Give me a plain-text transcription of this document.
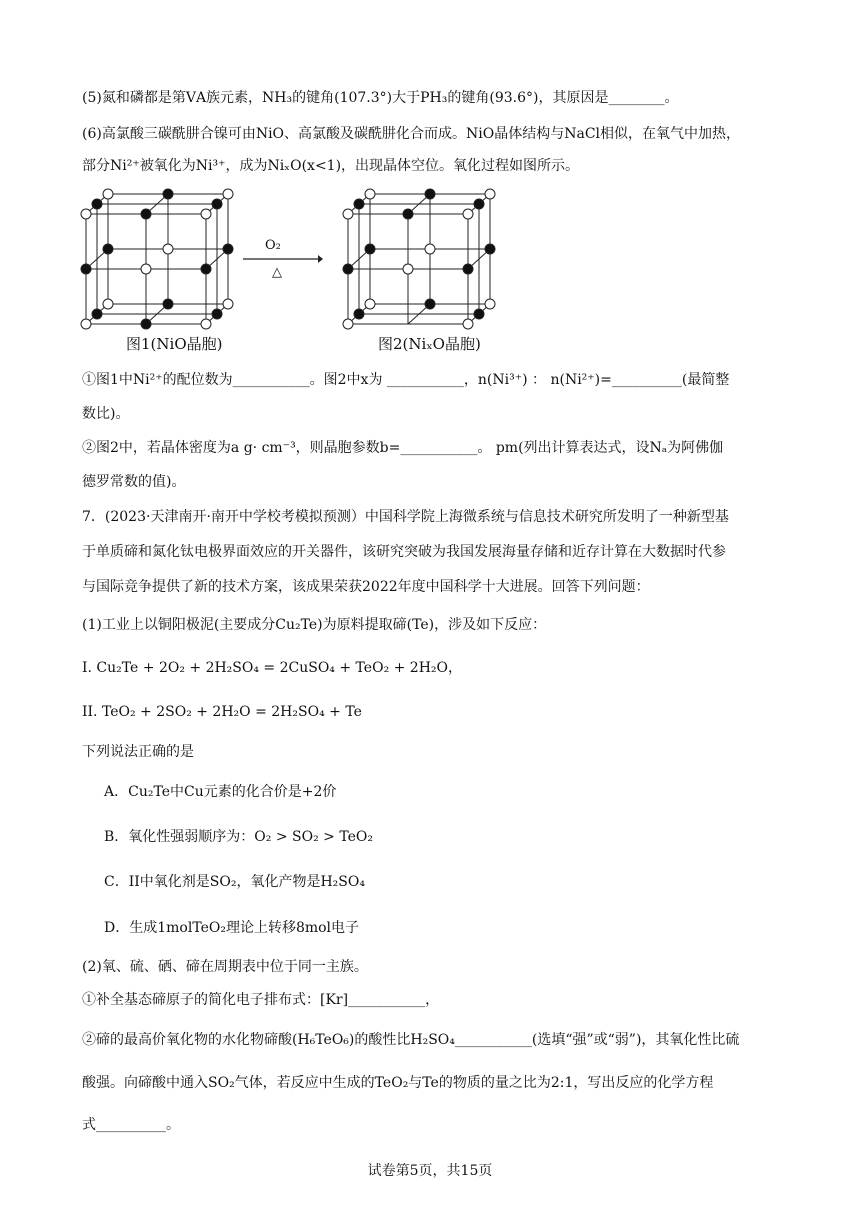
(5)氮和磷都是第ⅤA族元素，NH₃的键角(107.3°)大于PH₃的键角(93.6°)，其原因是________。
(6)高氯酸三碳酰肼合镍可由NiO、高氯酸及碳酰肼化合而成。NiO晶体结构与NaCl相似，在氧气中加热，
部分Ni²⁺被氧化为Ni³⁺，成为NiₓO(x<1)，出现晶体空位。氧化过程如图所示。
O₂
△
图1(NiO晶胞)	图2(NiₓO晶胞)
①图1中Ni²⁺的配位数为___________。图2中x为 ___________，n(Ni³⁺) ： n(Ni²⁺)=__________(最简整
数比)。
②图2中，若晶体密度为a g· cm⁻³，则晶胞参数b=___________。 pm(列出计算表达式，设Nₐ为阿佛伽
德罗常数的值)。
7．(2023·天津南开·南开中学校考模拟预测）中国科学院上海微系统与信息技术研究所发明了一种新型基
于单质碲和氮化钛电极界面效应的开关器件，该研究突破为我国发展海量存储和近存计算在大数据时代参
与国际竞争提供了新的技术方案，该成果荣获2022年度中国科学十大进展。回答下列问题：
(1)工业上以铜阳极泥(主要成分Cu₂Te)为原料提取碲(Te)，涉及如下反应：
I. Cu₂Te + 2O₂ + 2H₂SO₄ = 2CuSO₄ + TeO₂ + 2H₂O，
II. TeO₂ + 2SO₂ + 2H₂O = 2H₂SO₄ + Te
下列说法正确的是
A．Cu₂Te中Cu元素的化合价是+2价
B．氧化性强弱顺序为：O₂ > SO₂ > TeO₂
C．II中氧化剂是SO₂，氧化产物是H₂SO₄
D．生成1molTeO₂理论上转移8mol电子
(2)氧、硫、硒、碲在周期表中位于同一主族。
①补全基态碲原子的简化电子排布式：[Kr]___________，
②碲的最高价氧化物的水化物碲酸(H₆TeO₆)的酸性比H₂SO₄___________(选填“强”或“弱”)，其氧化性比硫
酸强。向碲酸中通入SO₂气体，若反应中生成的TeO₂与Te的物质的量之比为2:1，写出反应的化学方程
式__________。
试卷第5页，共15页
